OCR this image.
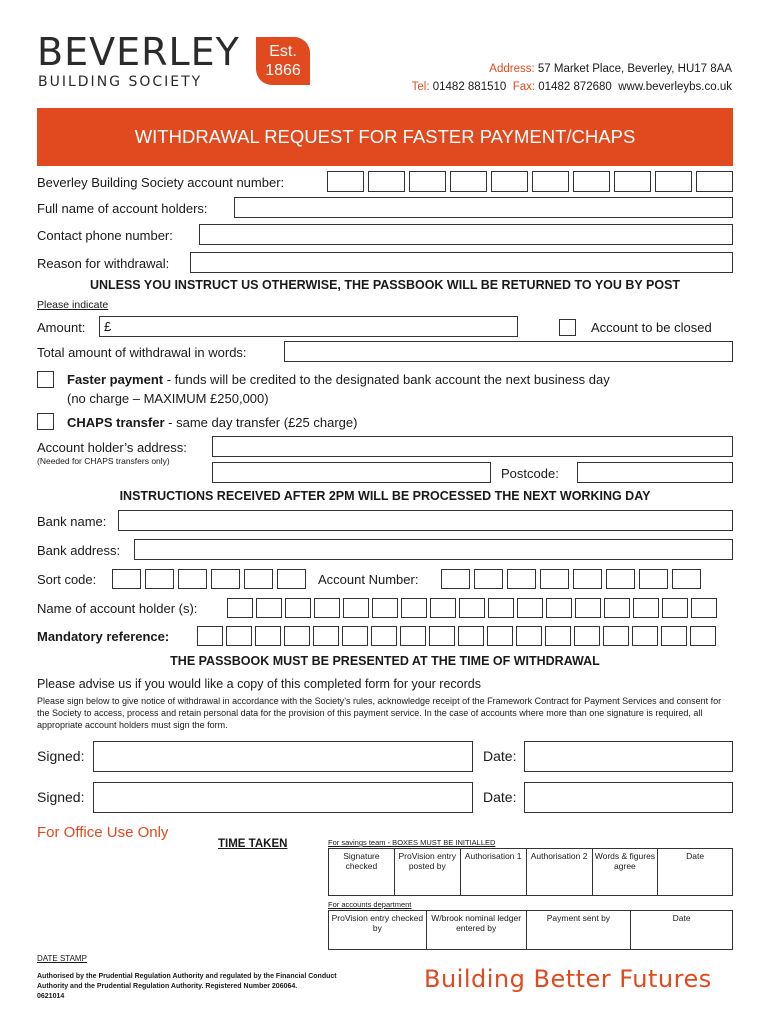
BEVERLEY
BUILDING SOCIETY
Est.
1866	Address: 57 Market Place, Beverley, HU17 8AA
Tel: 01482 881510 Fax: 01482 872680 www.beverleybs.co.uk
WITHDRAWAL REQUEST FOR FASTER PAYMENT/CHAPS
Beverley Building Society account number:
Full name of account holders:
Contact phone number:
Reason for withdrawal:
UNLESS YOU INSTRUCT US OTHERWISE, THE PASSBOOK WILL BE RETURNED TO YOU BY POST
Please indicate
Amount: £	Account to be closed
Total amount of withdrawal in words:
Faster payment - funds will be credited to the designated bank account the next business day
(no charge – MAXIMUM £250,000)
CHAPS transfer - same day transfer (£25 charge)
Account holder’s address:
(Needed for CHAPS transfers only)
Postcode:
INSTRUCTIONS RECEIVED AFTER 2PM WILL BE PROCESSED THE NEXT WORKING DAY
Bank name:
Bank address:
Sort code:	Account Number:
Name of account holder (s):
Mandatory reference:
THE PASSBOOK MUST BE PRESENTED AT THE TIME OF WITHDRAWAL
Please advise us if you would like a copy of this completed form for your records
Please sign below to give notice of withdrawal in accordance with the Society’s rules, acknowledge receipt of the Framework Contract for Payment Services and consent for the Society to access, process and retain personal data for the provision of this payment service. In the case of accounts where more than one signature is required, all appropriate account holders must sign the form.
Signed:	Date:
Signed:	Date:
For Office Use Only
TIME TAKEN	For savings team - BOXES MUST BE INITIALLED
Signature checked	ProVision entry posted by	Authorisation 1	Authorisation 2	Words & figures agree	Date
For accounts department
ProVision entry checked by	W/brook nominal ledger entered by	Payment sent by	Date
DATE STAMP
Authorised by the Prudential Regulation Authority and regulated by the Financial Conduct Authority and the Prudential Regulation Authority. Registered Number 206064.
0621014
Building Better Futures
